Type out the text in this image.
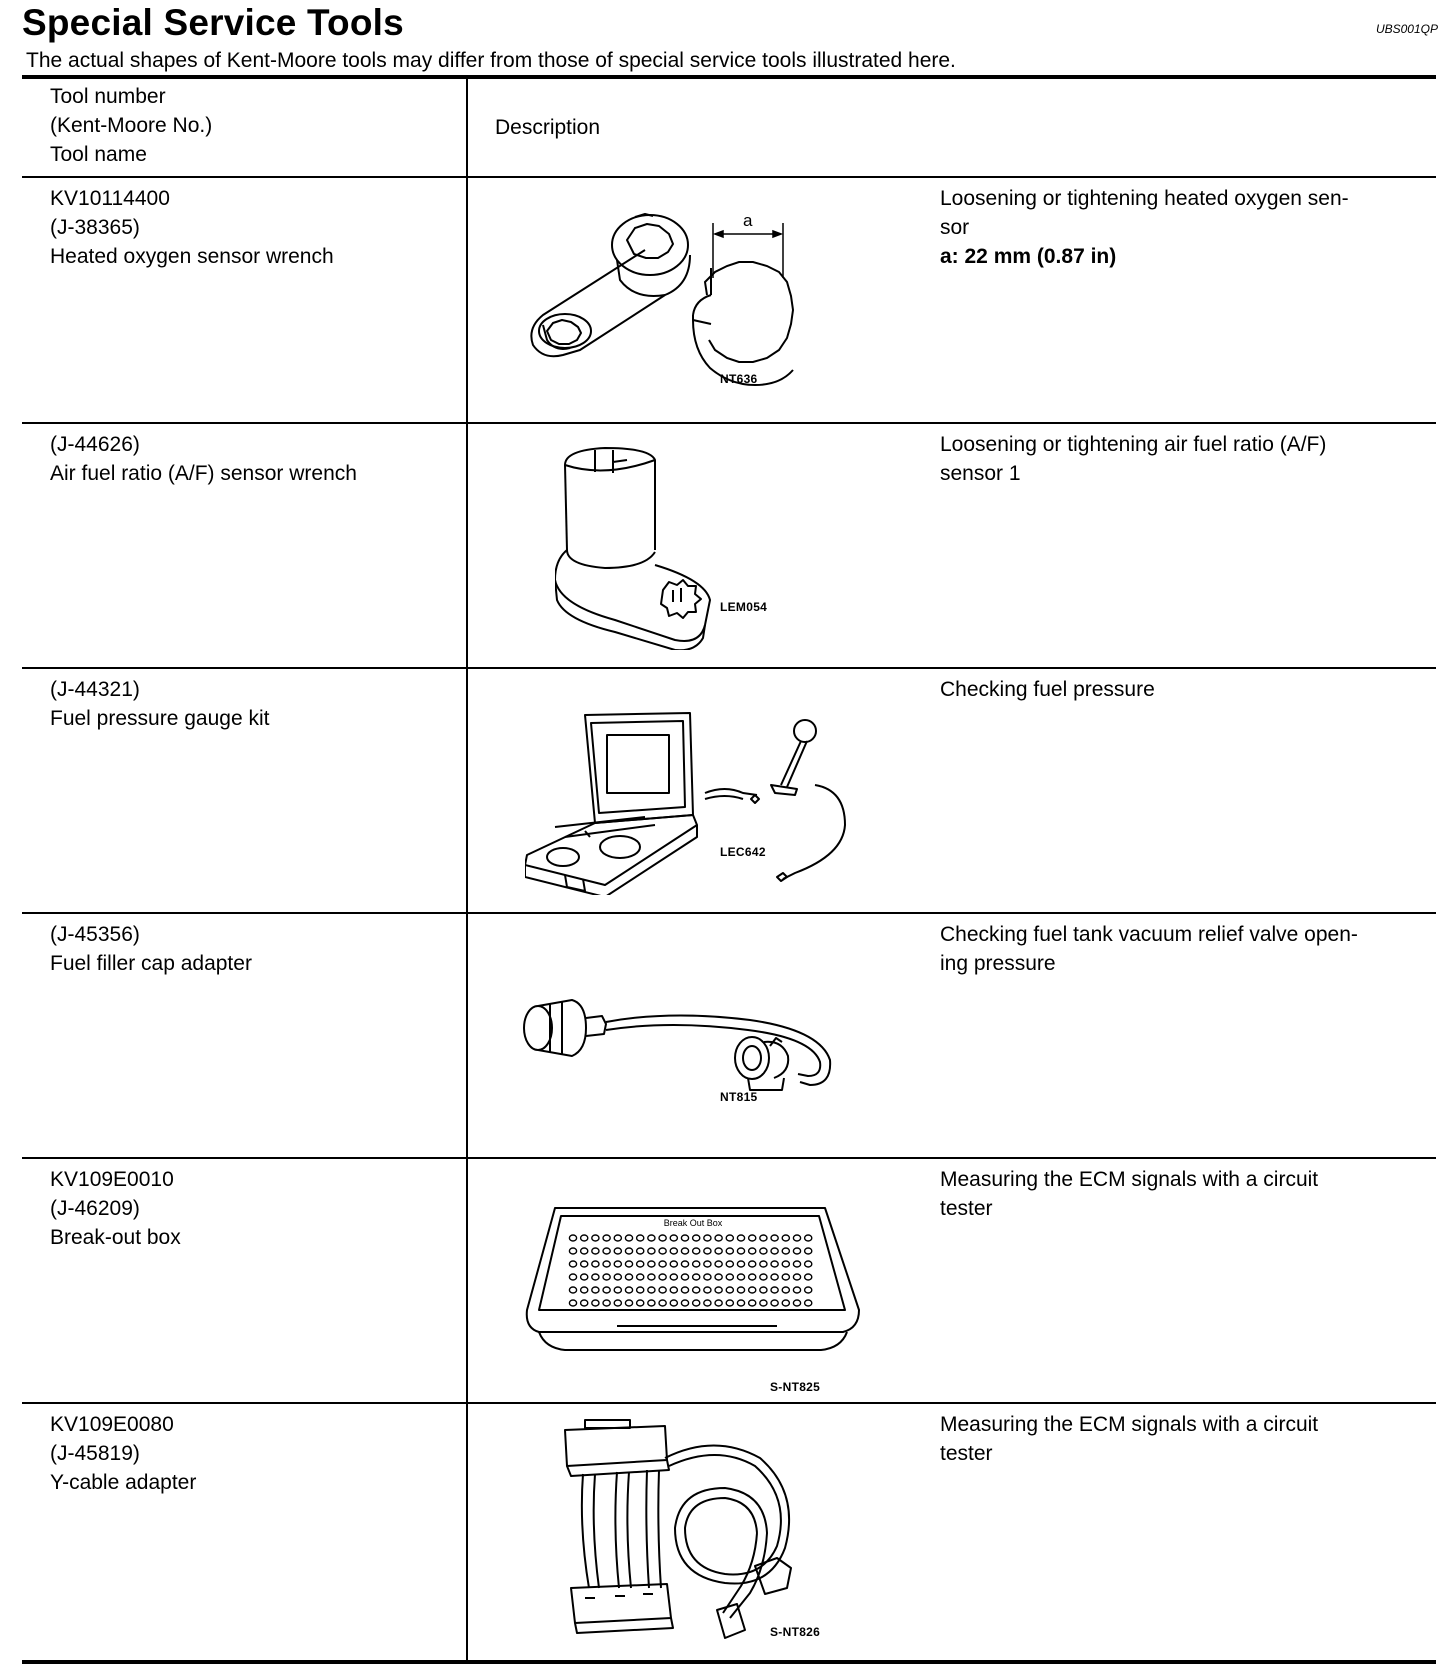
Special Service Tools	UBS001QP
The actual shapes of Kent-Moore tools may differ from those of special service tools illustrated here.
Tool number
(Kent-Moore No.)
Tool name
Description
KV10114400
(J-38365)
Heated oxygen sensor wrench
Loosening or tightening heated oxygen sen-
sor
a: 22 mm (0.87 in)
a
NT636
(J-44626)
Air fuel ratio (A/F) sensor wrench
Loosening or tightening air fuel ratio (A/F)
sensor 1
LEM054
(J-44321)
Fuel pressure gauge kit
Checking fuel pressure
LEC642
(J-45356)
Fuel filler cap adapter
Checking fuel tank vacuum relief valve open-
ing pressure
NT815
KV109E0010
(J-46209)
Break-out box
Measuring the ECM signals with a circuit
tester
Break Out Box
S-NT825
KV109E0080
(J-45819)
Y-cable adapter
Measuring the ECM signals with a circuit
tester
S-NT826
